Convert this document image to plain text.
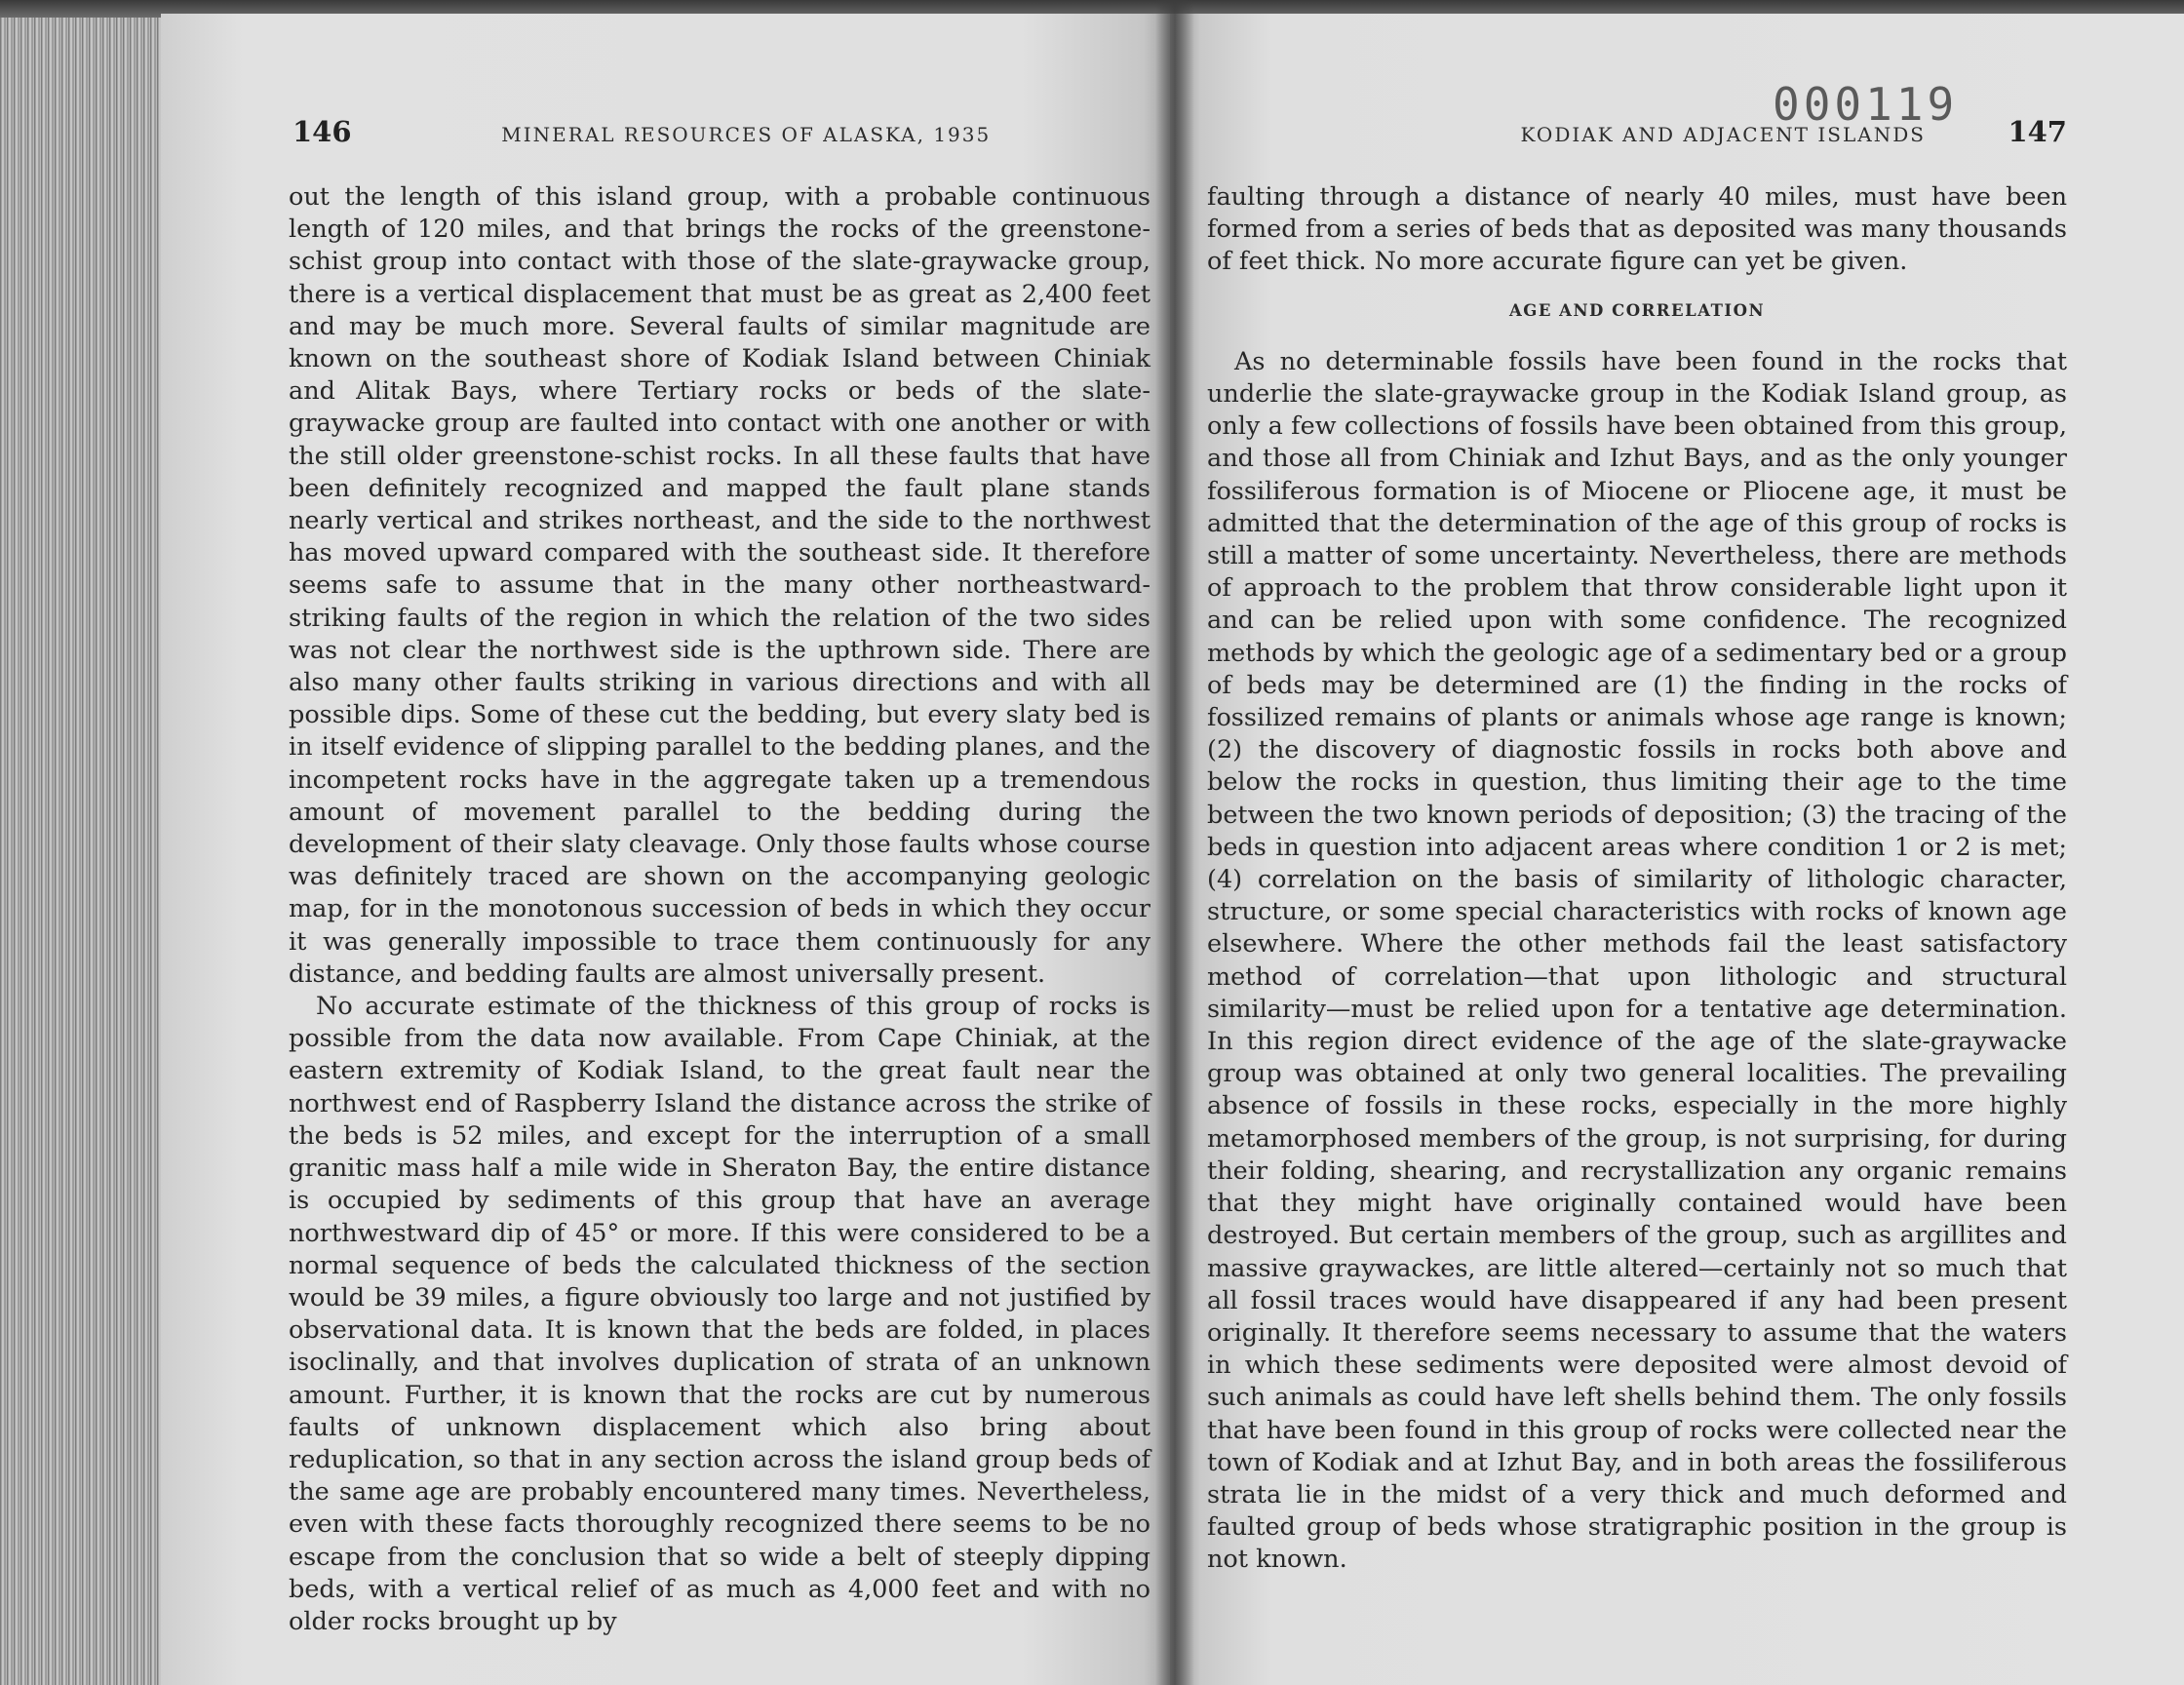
146	MINERAL RESOURCES OF ALASKA, 1935	KODIAK AND ADJACENT ISLANDS	147
000119

out the length of this island group, with a probable continuous length of 120 miles, and that brings the rocks of the greenstone-schist group into contact with those of the slate-graywacke group, there is a vertical displacement that must be as great as 2,400 feet and may be much more. Several faults of similar magnitude are known on the southeast shore of Kodiak Island between Chiniak and Alitak Bays, where Tertiary rocks or beds of the slate-graywacke group are faulted into contact with one another or with the still older greenstone-schist rocks. In all these faults that have been definitely recognized and mapped the fault plane stands nearly vertical and strikes northeast, and the side to the northwest has moved upward compared with the southeast side. It therefore seems safe to assume that in the many other northeastward-striking faults of the region in which the relation of the two sides was not clear the northwest side is the upthrown side. There are also many other faults striking in various directions and with all possible dips. Some of these cut the bedding, but every slaty bed is in itself evidence of slipping parallel to the bedding planes, and the incompetent rocks have in the aggregate taken up a tremendous amount of movement parallel to the bedding during the development of their slaty cleavage. Only those faults whose course was definitely traced are shown on the accompanying geologic map, for in the monotonous succession of beds in which they occur it was generally impossible to trace them continuously for any distance, and bedding faults are almost universally present.

No accurate estimate of the thickness of this group of rocks is possible from the data now available. From Cape Chiniak, at the eastern extremity of Kodiak Island, to the great fault near the northwest end of Raspberry Island the distance across the strike of the beds is 52 miles, and except for the interruption of a small granitic mass half a mile wide in Sheraton Bay, the entire distance is occupied by sediments of this group that have an average northwestward dip of 45° or more. If this were considered to be a normal sequence of beds the calculated thickness of the section would be 39 miles, a figure obviously too large and not justified by observational data. It is known that the beds are folded, in places isoclinally, and that involves duplication of strata of an unknown amount. Further, it is known that the rocks are cut by numerous faults of unknown displacement which also bring about reduplication, so that in any section across the island group beds of the same age are probably encountered many times. Nevertheless, even with these facts thoroughly recognized there seems to be no escape from the conclusion that so wide a belt of steeply dipping beds, with a vertical relief of as much as 4,000 feet and with no older rocks brought up by

faulting through a distance of nearly 40 miles, must have been formed from a series of beds that as deposited was many thousands of feet thick. No more accurate figure can yet be given.

AGE AND CORRELATION

As no determinable fossils have been found in the rocks that underlie the slate-graywacke group in the Kodiak Island group, as only a few collections of fossils have been obtained from this group, and those all from Chiniak and Izhut Bays, and as the only younger fossiliferous formation is of Miocene or Pliocene age, it must be admitted that the determination of the age of this group of rocks is still a matter of some uncertainty. Nevertheless, there are methods of approach to the problem that throw considerable light upon it and can be relied upon with some confidence. The recognized methods by which the geologic age of a sedimentary bed or a group of beds may be determined are (1) the finding in the rocks of fossilized remains of plants or animals whose age range is known; (2) the discovery of diagnostic fossils in rocks both above and below the rocks in question, thus limiting their age to the time between the two known periods of deposition; (3) the tracing of the beds in question into adjacent areas where condition 1 or 2 is met; (4) correlation on the basis of similarity of lithologic character, structure, or some special characteristics with rocks of known age elsewhere. Where the other methods fail the least satisfactory method of correlation—that upon lithologic and structural similarity—must be relied upon for a tentative age determination. In this region direct evidence of the age of the slate-graywacke group was obtained at only two general localities. The prevailing absence of fossils in these rocks, especially in the more highly metamorphosed members of the group, is not surprising, for during their folding, shearing, and recrystallization any organic remains that they might have originally contained would have been destroyed. But certain members of the group, such as argillites and massive graywackes, are little altered—certainly not so much that all fossil traces would have disappeared if any had been present originally. It therefore seems necessary to assume that the waters in which these sediments were deposited were almost devoid of such animals as could have left shells behind them. The only fossils that have been found in this group of rocks were collected near the town of Kodiak and at Izhut Bay, and in both areas the fossiliferous strata lie in the midst of a very thick and much deformed and faulted group of beds whose stratigraphic position in the group is not known.
